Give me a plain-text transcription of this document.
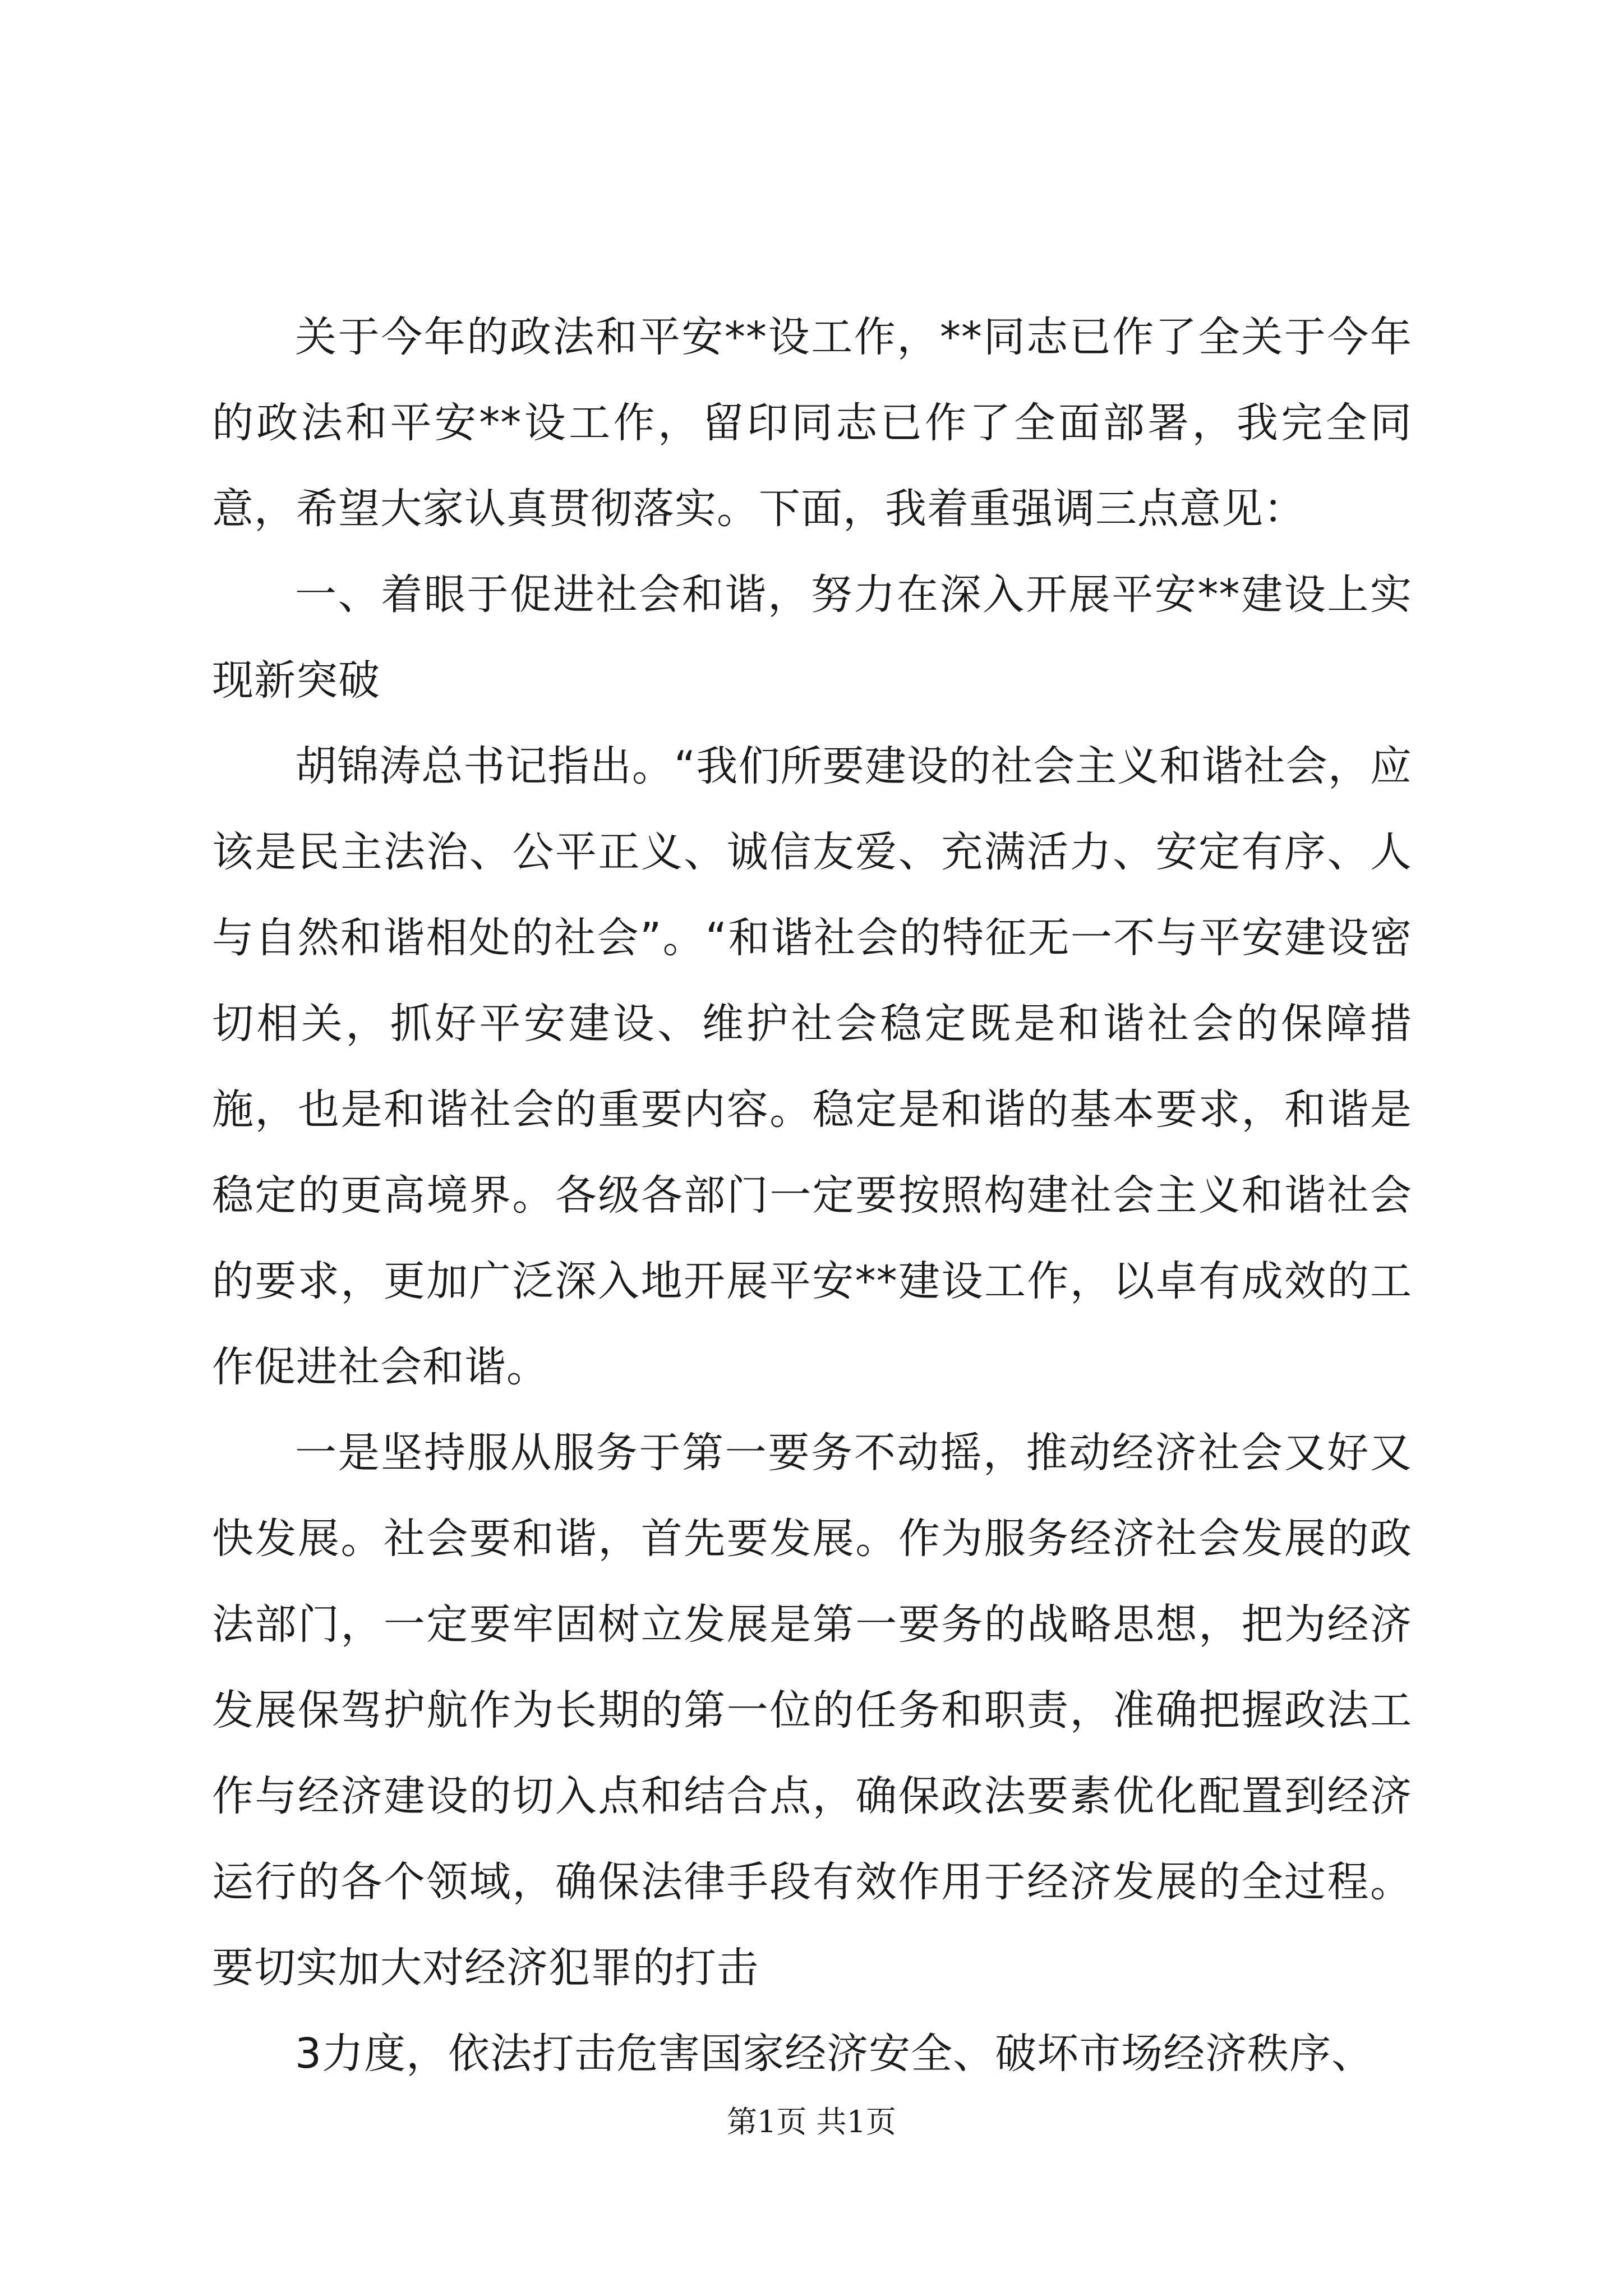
关于今年的政法和平安**设工作，**同志已作了全关于今年的政法和平安**设工作，留印同志已作了全面部署，我完全同意，希望大家认真贯彻落实。下面，我着重强调三点意见：

一、着眼于促进社会和谐，努力在深入开展平安**建设上实现新突破

胡锦涛总书记指出。“我们所要建设的社会主义和谐社会，应该是民主法治、公平正义、诚信友爱、充满活力、安定有序、人与自然和谐相处的社会”。“和谐社会的特征无一不与平安建设密切相关，抓好平安建设、维护社会稳定既是和谐社会的保障措施，也是和谐社会的重要内容。稳定是和谐的基本要求，和谐是稳定的更高境界。各级各部门一定要按照构建社会主义和谐社会的要求，更加广泛深入地开展平安**建设工作，以卓有成效的工作促进社会和谐。

一是坚持服从服务于第一要务不动摇，推动经济社会又好又快发展。社会要和谐，首先要发展。作为服务经济社会发展的政法部门，一定要牢固树立发展是第一要务的战略思想，把为经济发展保驾护航作为长期的第一位的任务和职责，准确把握政法工作与经济建设的切入点和结合点，确保政法要素优化配置到经济运行的各个领域，确保法律手段有效作用于经济发展的全过程。要切实加大对经济犯罪的打击

3力度，依法打击危害国家经济安全、破坏市场经济秩序、

第1页 共1页
